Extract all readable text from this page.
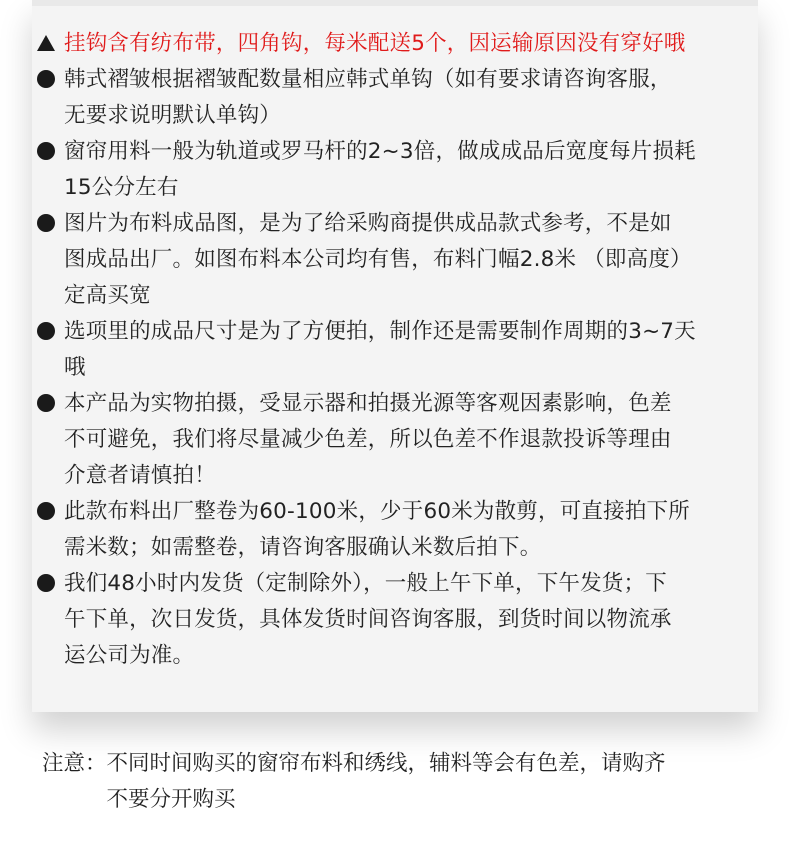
挂钩含有纺布带，四角钩，每米配送5个，因运输原因没有穿好哦
韩式褶皱根据褶皱配数量相应韩式单钩（如有要求请咨询客服，
无要求说明默认单钩）
窗帘用料一般为轨道或罗马杆的2~3倍，做成成品后宽度每片损耗
15公分左右
图片为布料成品图，是为了给采购商提供成品款式参考，不是如
图成品出厂。如图布料本公司均有售，布料门幅2.8米 （即高度）
定高买宽
选项里的成品尺寸是为了方便拍，制作还是需要制作周期的3~7天
哦
本产品为实物拍摄，受显示器和拍摄光源等客观因素影响，色差
不可避免，我们将尽量减少色差，所以色差不作退款投诉等理由
介意者请慎拍！
此款布料出厂整卷为60-100米，少于60米为散剪，可直接拍下所
需米数；如需整卷，请咨询客服确认米数后拍下。
我们48小时内发货（定制除外），一般上午下单，下午发货；下
午下单，次日发货，具体发货时间咨询客服，到货时间以物流承
运公司为准。
注意： 不同时间购买的窗帘布料和绣线，辅料等会有色差，请购齐
不要分开购买
